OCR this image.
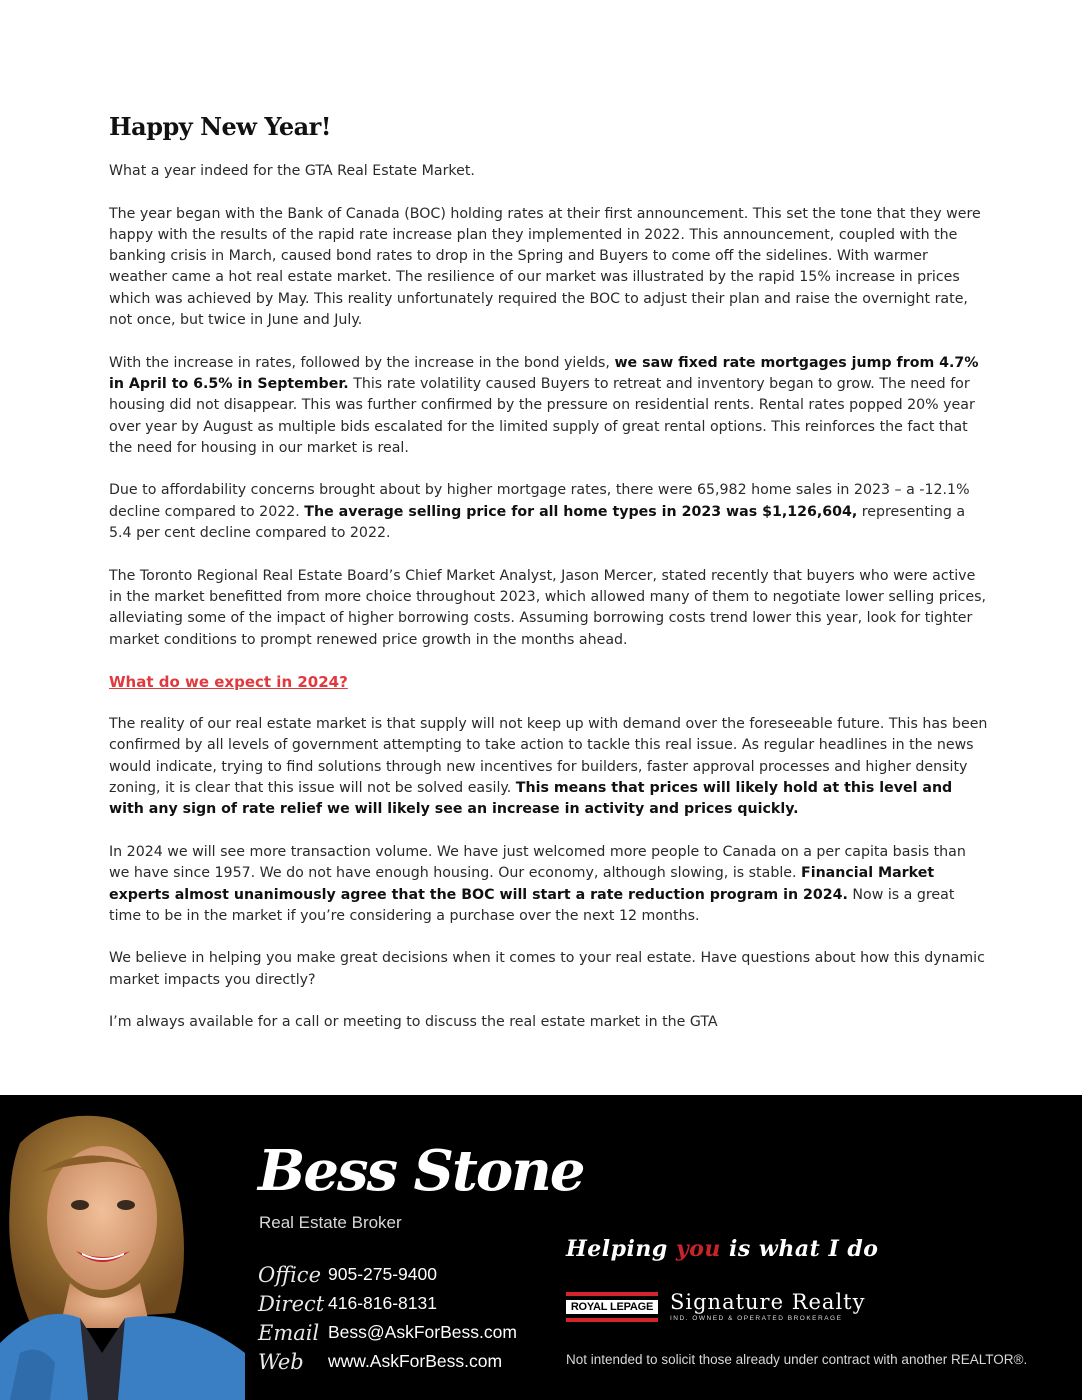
Happy New Year!

What a year indeed for the GTA Real Estate Market.

The year began with the Bank of Canada (BOC) holding rates at their first announcement. This set the tone that they were happy with the results of the rapid rate increase plan they implemented in 2022. This announcement, coupled with the banking crisis in March, caused bond rates to drop in the Spring and Buyers to come off the sidelines. With warmer weather came a hot real estate market. The resilience of our market was illustrated by the rapid 15% increase in prices which was achieved by May. This reality unfortunately required the BOC to adjust their plan and raise the overnight rate, not once, but twice in June and July.

With the increase in rates, followed by the increase in the bond yields, we saw fixed rate mortgages jump from 4.7% in April to 6.5% in September. This rate volatility caused Buyers to retreat and inventory began to grow. The need for housing did not disappear. This was further confirmed by the pressure on residential rents. Rental rates popped 20% year over year by August as multiple bids escalated for the limited supply of great rental options. This reinforces the fact that the need for housing in our market is real.

Due to affordability concerns brought about by higher mortgage rates, there were 65,982 home sales in 2023 – a -12.1% decline compared to 2022. The average selling price for all home types in 2023 was $1,126,604, representing a 5.4 per cent decline compared to 2022.

The Toronto Regional Real Estate Board’s Chief Market Analyst, Jason Mercer, stated recently that buyers who were active in the market benefitted from more choice throughout 2023, which allowed many of them to negotiate lower selling prices, alleviating some of the impact of higher borrowing costs. Assuming borrowing costs trend lower this year, look for tighter market conditions to prompt renewed price growth in the months ahead.

What do we expect in 2024?

The reality of our real estate market is that supply will not keep up with demand over the foreseeable future. This has been confirmed by all levels of government attempting to take action to tackle this real issue. As regular headlines in the news would indicate, trying to find solutions through new incentives for builders, faster approval processes and higher density zoning, it is clear that this issue will not be solved easily. This means that prices will likely hold at this level and with any sign of rate relief we will likely see an increase in activity and prices quickly.

In 2024 we will see more transaction volume. We have just welcomed more people to Canada on a per capita basis than we have since 1957. We do not have enough housing. Our economy, although slowing, is stable. Financial Market experts almost unanimously agree that the BOC will start a rate reduction program in 2024. Now is a great time to be in the market if you’re considering a purchase over the next 12 months.

We believe in helping you make great decisions when it comes to your real estate. Have questions about how this dynamic market impacts you directly?

I’m always available for a call or meeting to discuss the real estate market in the GTA

Bess Stone
Real Estate Broker
Office 905-275-9400
Direct 416-816-8131
Email Bess@AskForBess.com
Web	www.AskForBess.com
Helping you is what I do
ROYAL LEPAGE Signature Realty
IND. OWNED & OPERATED BROKERAGE
Not intended to solicit those already under contract with another REALTOR®.
